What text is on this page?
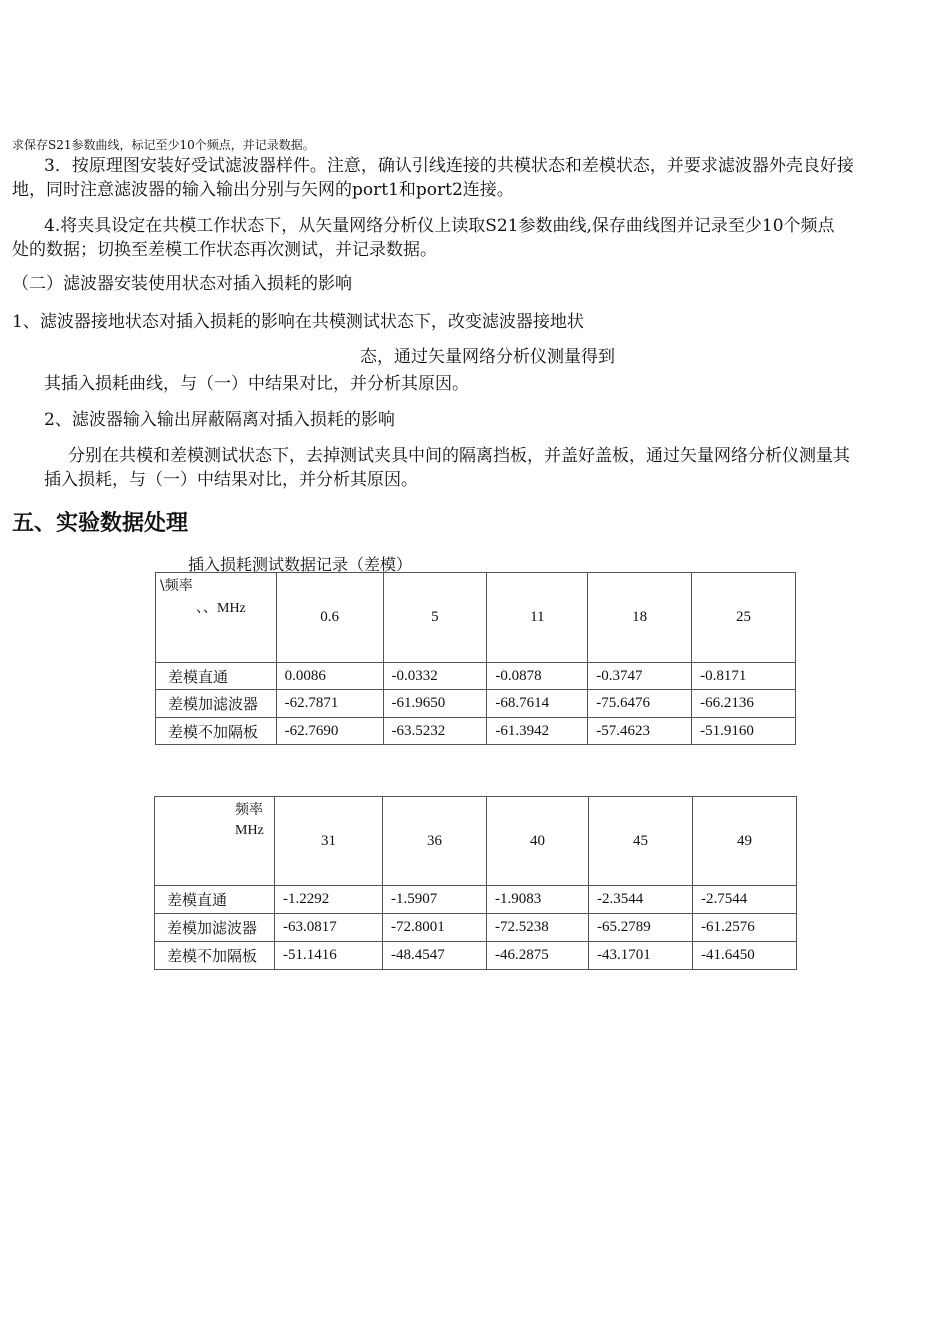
求保存S21参数曲线，标记至少10个频点，并记录数据。
3．按原理图安装好受试滤波器样件。注意，确认引线连接的共模状态和差模状态，并要求滤波器外壳良好接
地，同时注意滤波器的输入输出分别与矢网的port1和port2连接。
4.将夹具设定在共模工作状态下，从矢量网络分析仪上读取S21参数曲线,保存曲线图并记录至少10个频点
处的数据；切换至差模工作状态再次测试，并记录数据。
（二）滤波器安装使用状态对插入损耗的影响
1、滤波器接地状态对插入损耗的影响在共模测试状态下，改变滤波器接地状
态，通过矢量网络分析仪测量得到
其插入损耗曲线，与（一）中结果对比，并分析其原因。
2、滤波器输入输出屏蔽隔离对插入损耗的影响
分别在共模和差模测试状态下，去掉测试夹具中间的隔离挡板，并盖好盖板，通过矢量网络分析仪测量其
插入损耗，与（一）中结果对比，并分析其原因。
五、实验数据处理
插入损耗测试数据记录（差模）
\频率
、、MHz	0.6	5	11	18	25
差模直通	0.0086	-0.0332	-0.0878	-0.3747	-0.8171
差模加滤波器	-62.7871	-61.9650	-68.7614	-75.6476	-66.2136
差模不加隔板	-62.7690	-63.5232	-61.3942	-57.4623	-51.9160
频率
MHz	31	36	40	45	49
差模直通	-1.2292	-1.5907	-1.9083	-2.3544	-2.7544
差模加滤波器	-63.0817	-72.8001	-72.5238	-65.2789	-61.2576
差模不加隔板	-51.1416	-48.4547	-46.2875	-43.1701	-41.6450
